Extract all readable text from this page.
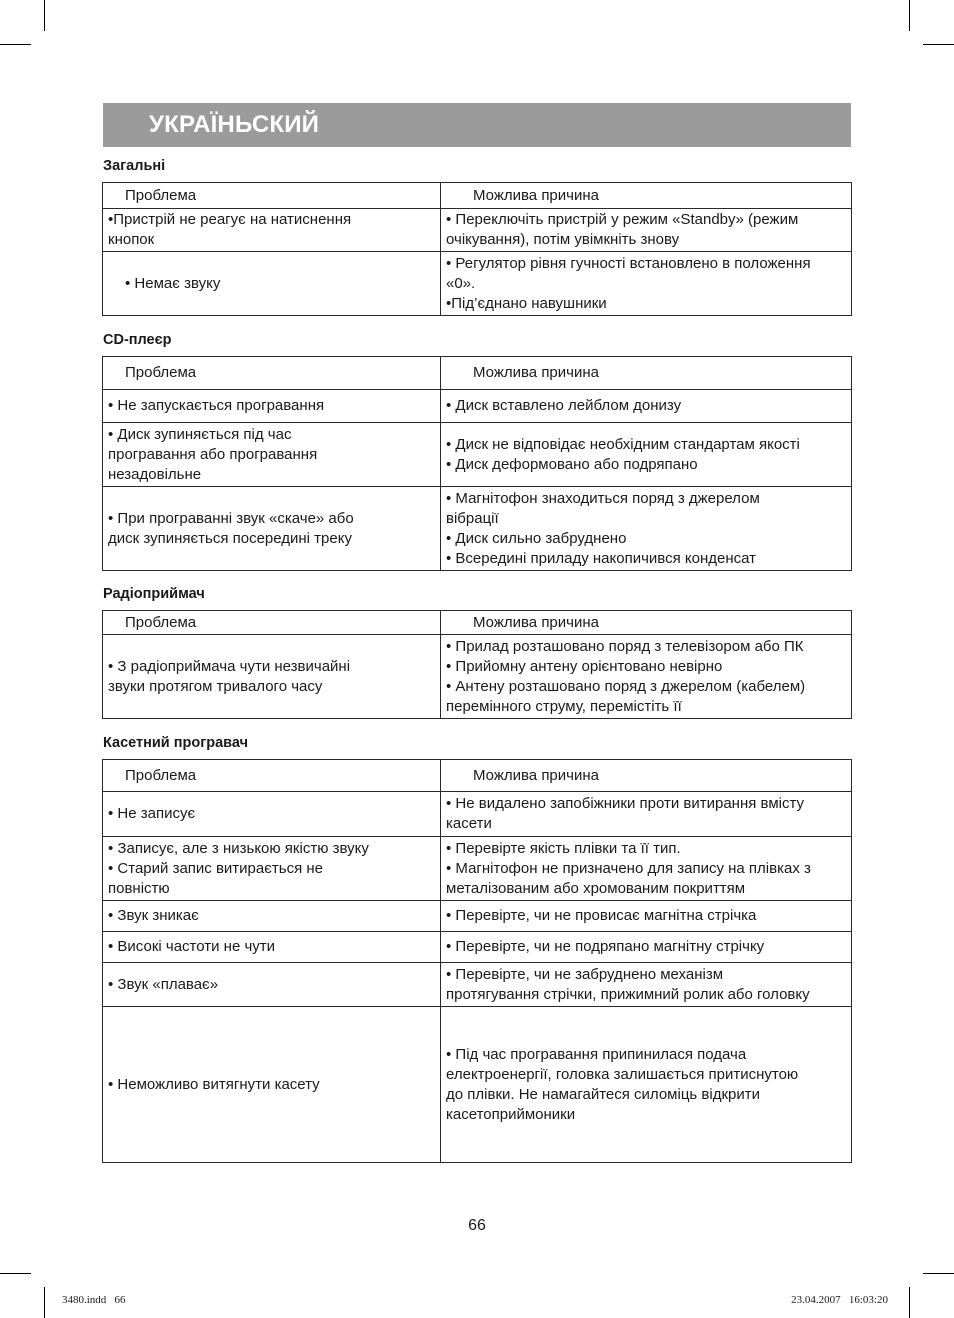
УКРАЇНЬСКИЙ
Загальні
Проблема	Можлива причина

•Пристрій не реагує на натиснення
кнопок	• Переключіть пристрій у режим «Standby» (режим
очікування), потім увімкніть знову

• Немає звуку	• Регулятор рівня гучності встановлено в положення
«0».
•Під’єднано навушники
CD-плеєр
Проблема	Можлива причина

• Не запускається програвання	• Диск вставлено лейблом донизу

• Диск зупиняється під час
програвання або програвання
незадовільне	• Диск не відповідає необхідним стандартам якості
• Диск деформовано або подряпано

• При програванні звук «скаче» або
диск зупиняється посередині треку	• Магнітофон знаходиться поряд з джерелом
вібрації
• Диск сильно забруднено
• Всередині приладу накопичився конденсат
Радіоприймач
Проблема	Можлива причина

• З радіоприймача чути незвичайні
звуки протягом тривалого часу	• Прилад розташовано поряд з телевізором або ПК
• Прийомну антену орієнтовано невірно
• Антену розташовано поряд з джерелом (кабелем)
перемінного струму, перемістіть її
Касетний програвач
Проблема	Можлива причина

• Не записує	• Не видалено запобіжники проти витирання вмісту
касети

• Записує, але з низькою якістю звуку
• Старий запис витирається не
повністю	• Перевірте якість плівки та її тип.
• Магнітофон не призначено для запису на плівках з
металізованим або хромованим покриттям

• Звук зникає	• Перевірте, чи не провисає магнітна стрічка

• Високі частоти не чути	• Перевірте, чи не подряпано магнітну стрічку

• Звук «плаває»	• Перевірте, чи не забруднено механізм
протягування стрічки, прижимний ролик або головку

• Неможливо витягнути касету	• Під час програвання припинилася подача
електроенергії, головка залишається притиснутою
до плівки. Не намагайтеся силоміць відкрити
касетоприймоники
66
3480.indd   66	23.04.2007   16:03:20
